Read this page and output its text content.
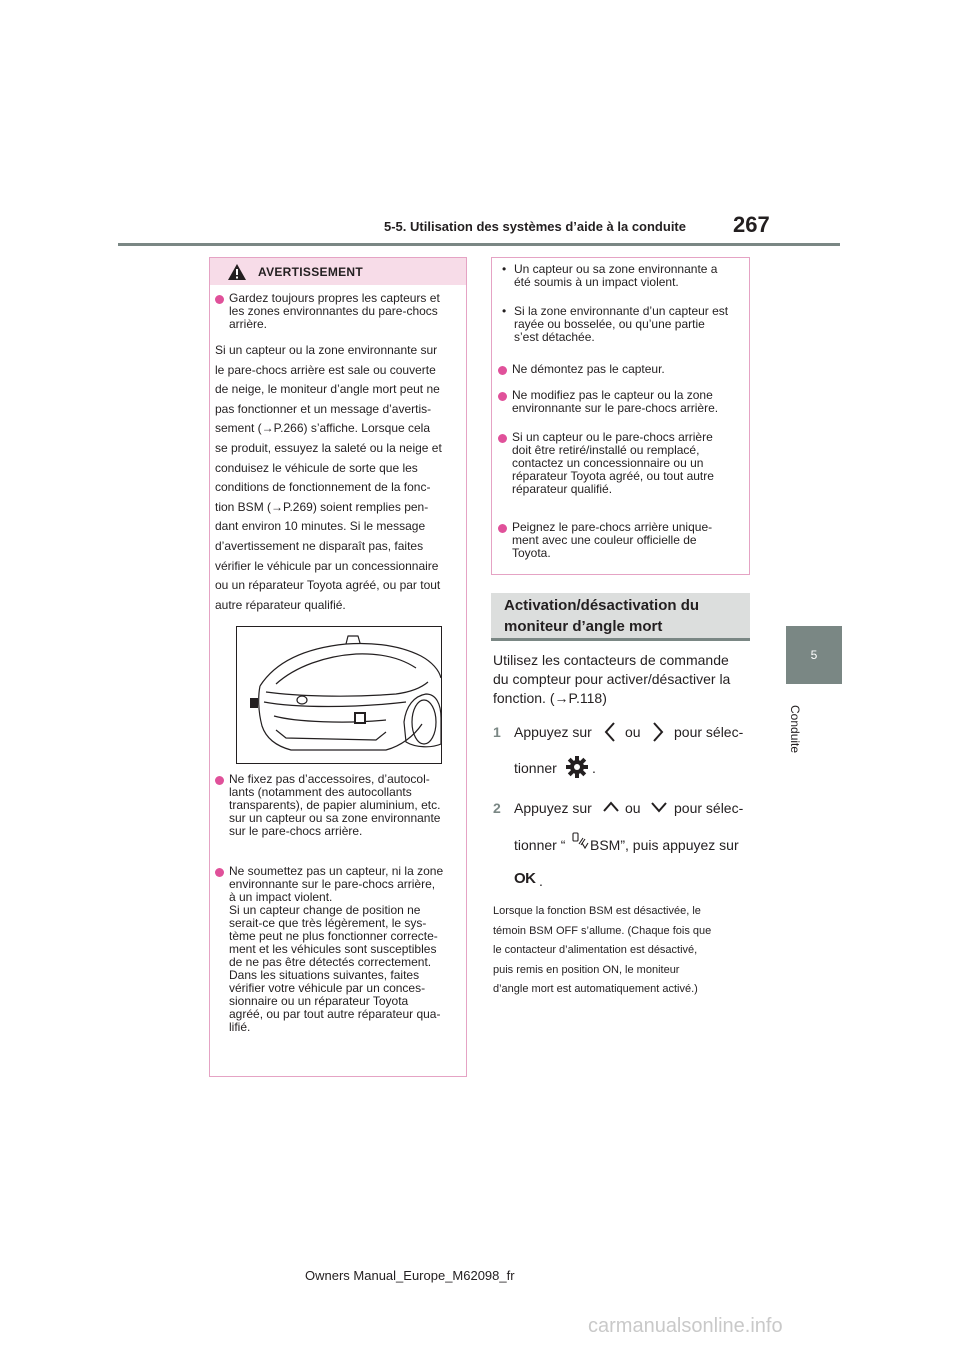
5-5. Utilisation des systèmes d’aide à la conduite 267
5
Conduite
AVERTISSEMENT
Gardez toujours propres les capteurs et
les zones environnantes du pare-chocs
arrière.
Si un capteur ou la zone environnante sur
le pare-chocs arrière est sale ou couverte
de neige, le moniteur d’angle mort peut ne
pas fonctionner et un message d’avertis-
sement (→P.266) s’affiche. Lorsque cela
se produit, essuyez la saleté ou la neige et
conduisez le véhicule de sorte que les
conditions de fonctionnement de la fonc-
tion BSM (→P.269) soient remplies pen-
dant environ 10 minutes. Si le message
d’avertissement ne disparaît pas, faites
vérifier le véhicule par un concessionnaire
ou un réparateur Toyota agréé, ou par tout
autre réparateur qualifié.
Ne fixez pas d’accessoires, d’autocol-
lants (notamment des autocollants
transparents), de papier aluminium, etc.
sur un capteur ou sa zone environnante
sur le pare-chocs arrière.
Ne soumettez pas un capteur, ni la zone
environnante sur le pare-chocs arrière,
à un impact violent.
Si un capteur change de position ne
serait-ce que très légèrement, le sys-
tème peut ne plus fonctionner correcte-
ment et les véhicules sont susceptibles
de ne pas être détectés correctement.
Dans les situations suivantes, faites
vérifier votre véhicule par un conces-
sionnaire ou un réparateur Toyota
agréé, ou par tout autre réparateur qua-
lifié.
• Un capteur ou sa zone environnante a
été soumis à un impact violent.
• Si la zone environnante d’un capteur est
rayée ou bosselée, ou qu’une partie
s’est détachée.
Ne démontez pas le capteur.
Ne modifiez pas le capteur ou la zone
environnante sur le pare-chocs arrière.
Si un capteur ou le pare-chocs arrière
doit être retiré/installé ou remplacé,
contactez un concessionnaire ou un
réparateur Toyota agréé, ou tout autre
réparateur qualifié.
Peignez le pare-chocs arrière unique-
ment avec une couleur officielle de
Toyota.
Activation/désactivation du
moniteur d’angle mort
Utilisez les contacteurs de commande
du compteur pour activer/désactiver la
fonction. (→P.118)
1 Appuyez sur ou pour sélec-
tionner	.
2 Appuyez sur ou pour sélec-
tionner “ BSM”, puis appuyez sur
OK .
Lorsque la fonction BSM est désactivée, le
témoin BSM OFF s’allume. (Chaque fois que
le contacteur d’alimentation est désactivé,
puis remis en position ON, le moniteur
d’angle mort est automatiquement activé.)
Owners Manual_Europe_M62098_fr
carmanualsonline.info
